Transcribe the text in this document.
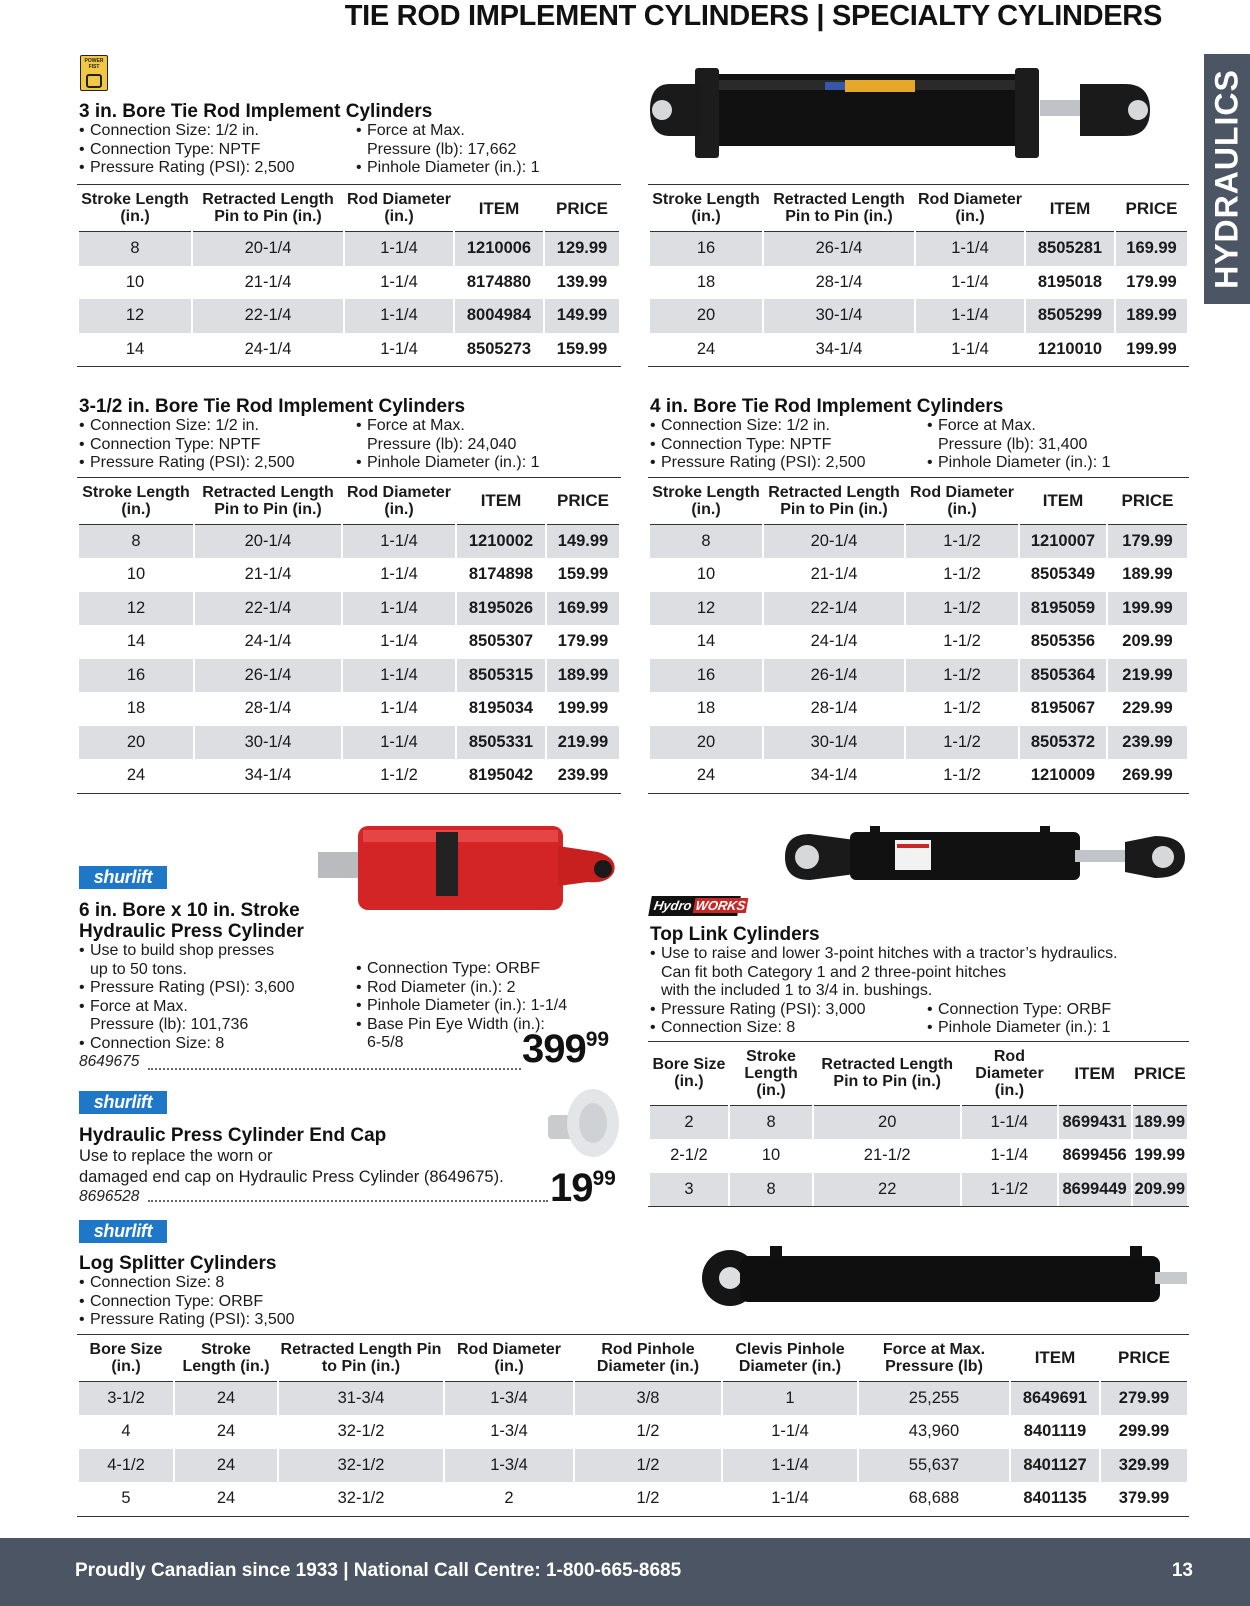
TIE ROD IMPLEMENT CYLINDERS | SPECIALTY CYLINDERS
HYDRAULICS
POWER FIST
3 in. Bore Tie Rod Implement Cylinders
• Connection Size: 1/2 in.
• Connection Type: NPTF
• Pressure Rating (PSI): 2,500
• Force at Max.
Pressure (lb): 17,662
• Pinhole Diameter (in.): 1
Stroke Length (in.)	Retracted Length Pin to Pin (in.)	Rod Diameter (in.)	ITEM	PRICE
8	20-1/4	1-1/4	1210006	129.99
10	21-1/4	1-1/4	8174880	139.99
12	22-1/4	1-1/4	8004984	149.99
14	24-1/4	1-1/4	8505273	159.99
Stroke Length (in.)	Retracted Length Pin to Pin (in.)	Rod Diameter (in.)	ITEM	PRICE
16	26-1/4	1-1/4	8505281	169.99
18	28-1/4	1-1/4	8195018	179.99
20	30-1/4	1-1/4	8505299	189.99
24	34-1/4	1-1/4	1210010	199.99
3-1/2 in. Bore Tie Rod Implement Cylinders
• Connection Size: 1/2 in.
• Connection Type: NPTF
• Pressure Rating (PSI): 2,500
• Force at Max.
Pressure (lb): 24,040
• Pinhole Diameter (in.): 1
Stroke Length (in.)	Retracted Length Pin to Pin (in.)	Rod Diameter (in.)	ITEM	PRICE
8	20-1/4	1-1/4	1210002	149.99
10	21-1/4	1-1/4	8174898	159.99
12	22-1/4	1-1/4	8195026	169.99
14	24-1/4	1-1/4	8505307	179.99
16	26-1/4	1-1/4	8505315	189.99
18	28-1/4	1-1/4	8195034	199.99
20	30-1/4	1-1/4	8505331	219.99
24	34-1/4	1-1/2	8195042	239.99
4 in. Bore Tie Rod Implement Cylinders
• Connection Size: 1/2 in.
• Connection Type: NPTF
• Pressure Rating (PSI): 2,500
• Force at Max.
Pressure (lb): 31,400
• Pinhole Diameter (in.): 1
Stroke Length (in.)	Retracted Length Pin to Pin (in.)	Rod Diameter (in.)	ITEM	PRICE
8	20-1/4	1-1/2	1210007	179.99
10	21-1/4	1-1/2	8505349	189.99
12	22-1/4	1-1/2	8195059	199.99
14	24-1/4	1-1/2	8505356	209.99
16	26-1/4	1-1/2	8505364	219.99
18	28-1/4	1-1/2	8195067	229.99
20	30-1/4	1-1/2	8505372	239.99
24	34-1/4	1-1/2	1210009	269.99
shurlift
6 in. Bore x 10 in. Stroke
Hydraulic Press Cylinder
• Use to build shop presses
up to 50 tons.
• Pressure Rating (PSI): 3,600
• Force at Max.
Pressure (lb): 101,736
• Connection Size: 8
• Connection Type: ORBF
• Rod Diameter (in.): 2
• Pinhole Diameter (in.): 1-1/4
• Base Pin Eye Width (in.):
6-5/8
8649675	39999
shurlift
Hydraulic Press Cylinder End Cap
Use to replace the worn or
damaged end cap on Hydraulic Press Cylinder (8649675).
8696528	1999
HydroWORKS
Top Link Cylinders
• Use to raise and lower 3-point hitches with a tractor’s hydraulics.
Can fit both Category 1 and 2 three-point hitches
with the included 1 to 3/4 in. bushings.
• Pressure Rating (PSI): 3,000
• Connection Size: 8
• Connection Type: ORBF
• Pinhole Diameter (in.): 1
Bore Size (in.)	Stroke Length (in.)	Retracted Length Pin to Pin (in.)	Rod Diameter (in.)	ITEM	PRICE
2	8	20	1-1/4	8699431	189.99
2-1/2	10	21-1/2	1-1/4	8699456	199.99
3	8	22	1-1/2	8699449	209.99
shurlift
Log Splitter Cylinders
• Connection Size: 8
• Connection Type: ORBF
• Pressure Rating (PSI): 3,500
Bore Size (in.)	Stroke Length (in.)	Retracted Length Pin to Pin (in.)	Rod Diameter (in.)	Rod Pinhole Diameter (in.)	Clevis Pinhole Diameter (in.)	Force at Max. Pressure (lb)	ITEM	PRICE
3-1/2	24	31-3/4	1-3/4	3/8	1	25,255	8649691	279.99
4	24	32-1/2	1-3/4	1/2	1-1/4	43,960	8401119	299.99
4-1/2	24	32-1/2	1-3/4	1/2	1-1/4	55,637	8401127	329.99
5	24	32-1/2	2	1/2	1-1/4	68,688	8401135	379.99
Proudly Canadian since 1933 | National Call Centre: 1-800-665-8685	13
